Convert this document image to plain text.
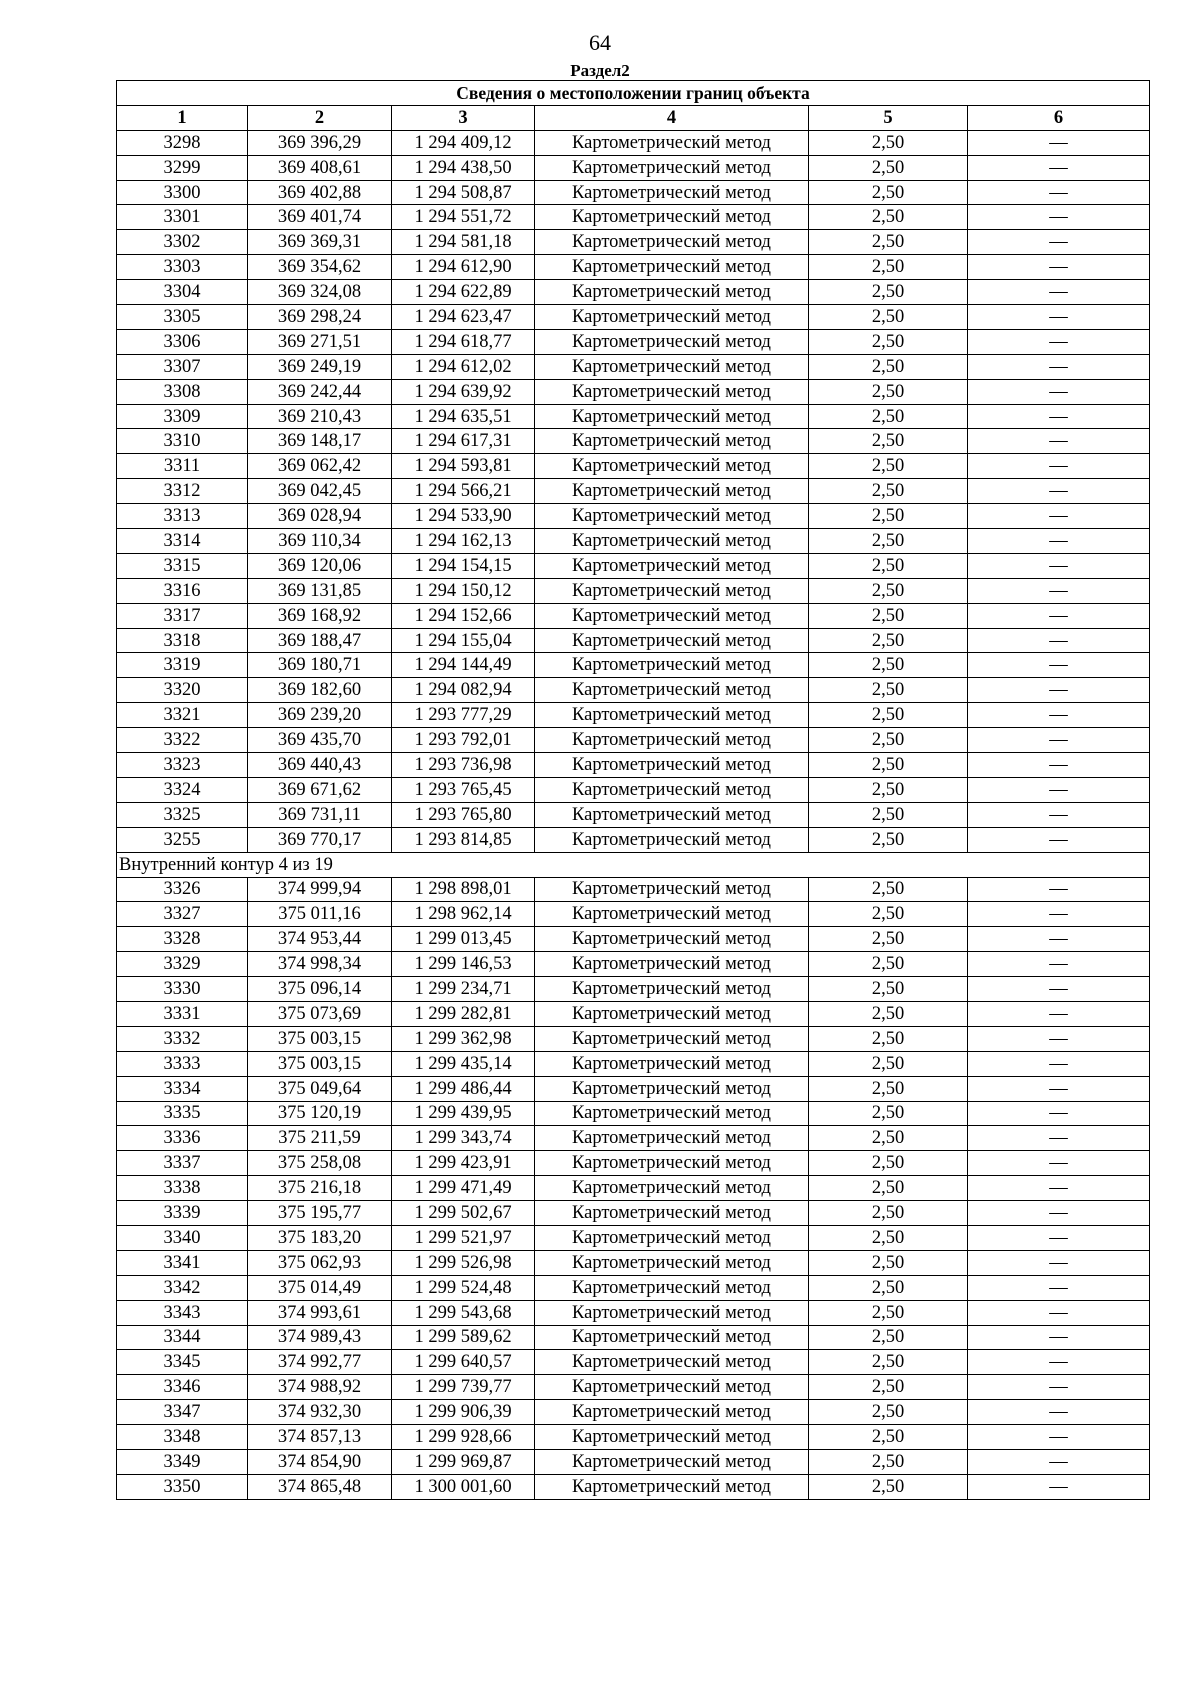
64
Раздел2
Сведения о местоположении границ объекта					
1	2	3	4	5	6
3298	369 396,29	1 294 409,12	Картометрический метод	2,50	—
3299	369 408,61	1 294 438,50	Картометрический метод	2,50	—
3300	369 402,88	1 294 508,87	Картометрический метод	2,50	—
3301	369 401,74	1 294 551,72	Картометрический метод	2,50	—
3302	369 369,31	1 294 581,18	Картометрический метод	2,50	—
3303	369 354,62	1 294 612,90	Картометрический метод	2,50	—
3304	369 324,08	1 294 622,89	Картометрический метод	2,50	—
3305	369 298,24	1 294 623,47	Картометрический метод	2,50	—
3306	369 271,51	1 294 618,77	Картометрический метод	2,50	—
3307	369 249,19	1 294 612,02	Картометрический метод	2,50	—
3308	369 242,44	1 294 639,92	Картометрический метод	2,50	—
3309	369 210,43	1 294 635,51	Картометрический метод	2,50	—
3310	369 148,17	1 294 617,31	Картометрический метод	2,50	—
3311	369 062,42	1 294 593,81	Картометрический метод	2,50	—
3312	369 042,45	1 294 566,21	Картометрический метод	2,50	—
3313	369 028,94	1 294 533,90	Картометрический метод	2,50	—
3314	369 110,34	1 294 162,13	Картометрический метод	2,50	—
3315	369 120,06	1 294 154,15	Картометрический метод	2,50	—
3316	369 131,85	1 294 150,12	Картометрический метод	2,50	—
3317	369 168,92	1 294 152,66	Картометрический метод	2,50	—
3318	369 188,47	1 294 155,04	Картометрический метод	2,50	—
3319	369 180,71	1 294 144,49	Картометрический метод	2,50	—
3320	369 182,60	1 294 082,94	Картометрический метод	2,50	—
3321	369 239,20	1 293 777,29	Картометрический метод	2,50	—
3322	369 435,70	1 293 792,01	Картометрический метод	2,50	—
3323	369 440,43	1 293 736,98	Картометрический метод	2,50	—
3324	369 671,62	1 293 765,45	Картометрический метод	2,50	—
3325	369 731,11	1 293 765,80	Картометрический метод	2,50	—
3255	369 770,17	1 293 814,85	Картометрический метод	2,50	—
Внутренний контур 4 из 19					
3326	374 999,94	1 298 898,01	Картометрический метод	2,50	—
3327	375 011,16	1 298 962,14	Картометрический метод	2,50	—
3328	374 953,44	1 299 013,45	Картометрический метод	2,50	—
3329	374 998,34	1 299 146,53	Картометрический метод	2,50	—
3330	375 096,14	1 299 234,71	Картометрический метод	2,50	—
3331	375 073,69	1 299 282,81	Картометрический метод	2,50	—
3332	375 003,15	1 299 362,98	Картометрический метод	2,50	—
3333	375 003,15	1 299 435,14	Картометрический метод	2,50	—
3334	375 049,64	1 299 486,44	Картометрический метод	2,50	—
3335	375 120,19	1 299 439,95	Картометрический метод	2,50	—
3336	375 211,59	1 299 343,74	Картометрический метод	2,50	—
3337	375 258,08	1 299 423,91	Картометрический метод	2,50	—
3338	375 216,18	1 299 471,49	Картометрический метод	2,50	—
3339	375 195,77	1 299 502,67	Картометрический метод	2,50	—
3340	375 183,20	1 299 521,97	Картометрический метод	2,50	—
3341	375 062,93	1 299 526,98	Картометрический метод	2,50	—
3342	375 014,49	1 299 524,48	Картометрический метод	2,50	—
3343	374 993,61	1 299 543,68	Картометрический метод	2,50	—
3344	374 989,43	1 299 589,62	Картометрический метод	2,50	—
3345	374 992,77	1 299 640,57	Картометрический метод	2,50	—
3346	374 988,92	1 299 739,77	Картометрический метод	2,50	—
3347	374 932,30	1 299 906,39	Картометрический метод	2,50	—
3348	374 857,13	1 299 928,66	Картометрический метод	2,50	—
3349	374 854,90	1 299 969,87	Картометрический метод	2,50	—
3350	374 865,48	1 300 001,60	Картометрический метод	2,50	—
